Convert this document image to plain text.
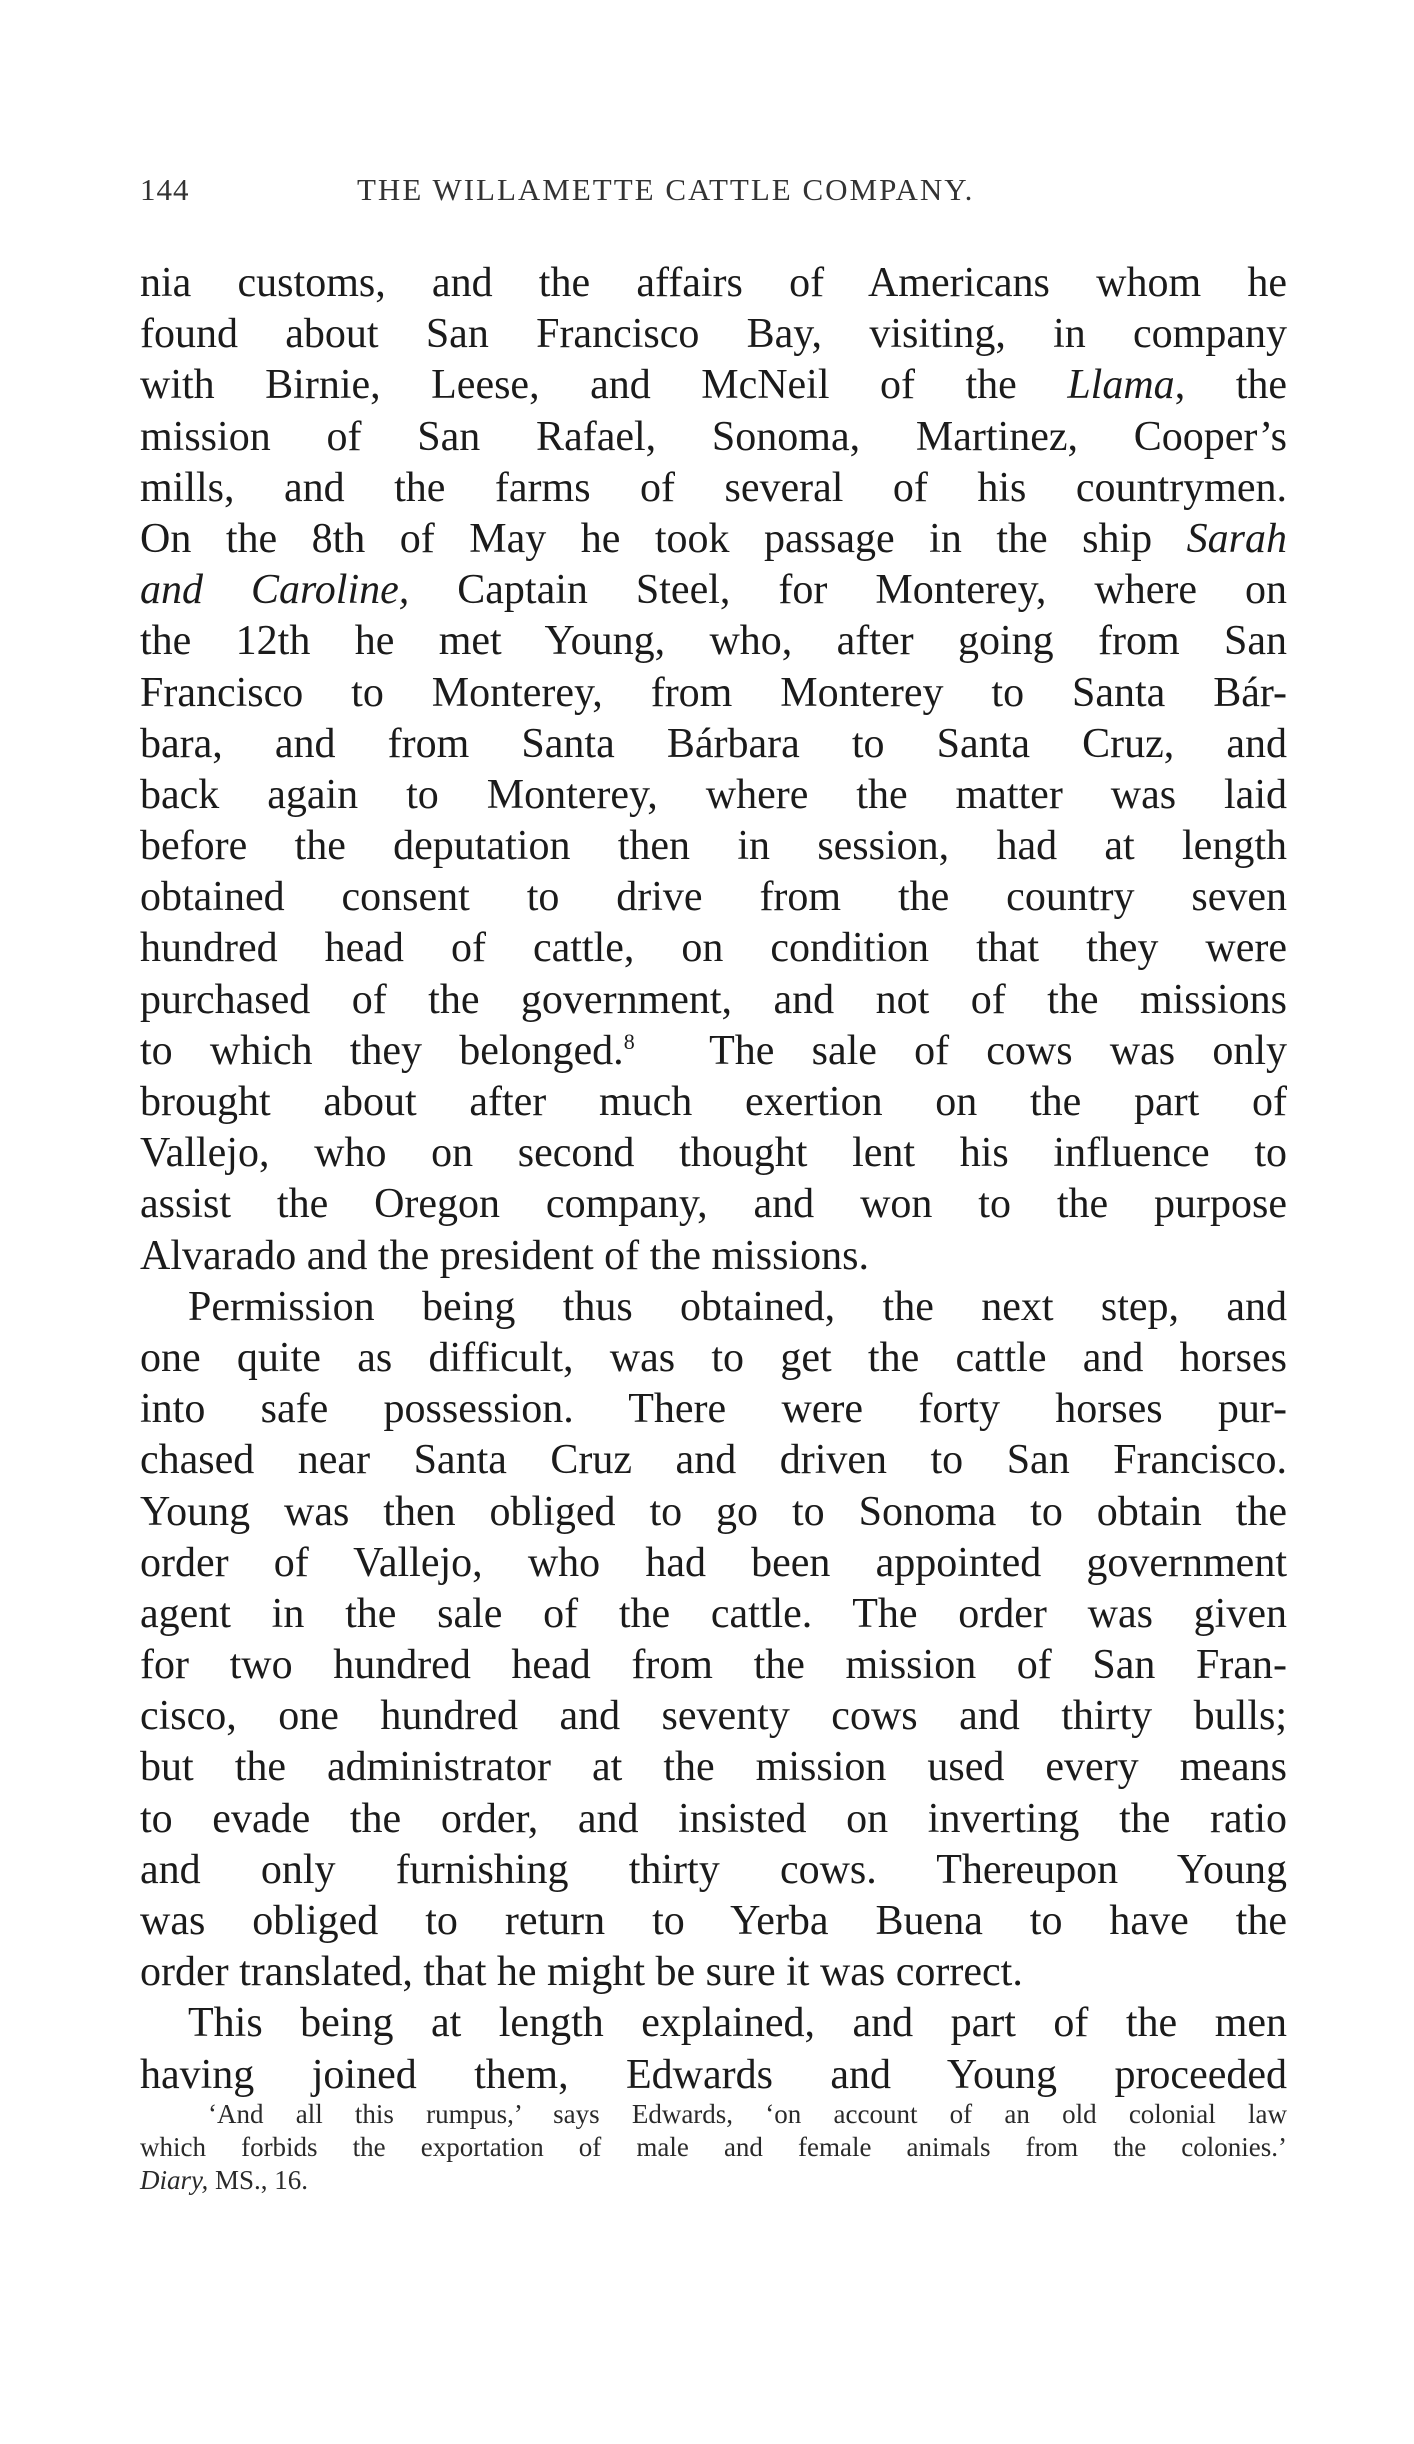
144	THE WILLAMETTE CATTLE COMPANY.
nia customs, and the affairs of Americans whom he
found about San Francisco Bay, visiting, in company
with Birnie, Leese, and McNeil of the Llama, the
mission of San Rafael, Sonoma, Martinez, Cooper’s
mills, and the farms of several of his countrymen.
On the 8th of May he took passage in the ship Sarah
and Caroline, Captain Steel, for Monterey, where on
the 12th he met Young, who, after going from San
Francisco to Monterey, from Monterey to Santa Bár-
bara, and from Santa Bárbara to Santa Cruz, and
back again to Monterey, where the matter was laid
before the deputation then in session, had at length
obtained consent to drive from the country seven
hundred head of cattle, on condition that they were
purchased of the government, and not of the missions
to which they belonged.$^8$ The sale of cows was only
brought about after much exertion on the part of
Vallejo, who on second thought lent his influence to
assist the Oregon company, and won to the purpose
Alvarado and the president of the missions.
Permission being thus obtained, the next step, and
one quite as difficult, was to get the cattle and horses
into safe possession. There were forty horses pur-
chased near Santa Cruz and driven to San Francisco.
Young was then obliged to go to Sonoma to obtain the
order of Vallejo, who had been appointed government
agent in the sale of the cattle. The order was given
for two hundred head from the mission of San Fran-
cisco, one hundred and seventy cows and thirty bulls;
but the administrator at the mission used every means
to evade the order, and insisted on inverting the ratio
and only furnishing thirty cows. Thereupon Young
was obliged to return to Yerba Buena to have the
order translated, that he might be sure it was correct.
This being at length explained, and part of the men
having joined them, Edwards and Young proceeded
‘And all this rumpus,’ says Edwards, ‘on account of an old colonial law
which forbids the exportation of male and female animals from the colonies.’
Diary, MS., 16.
